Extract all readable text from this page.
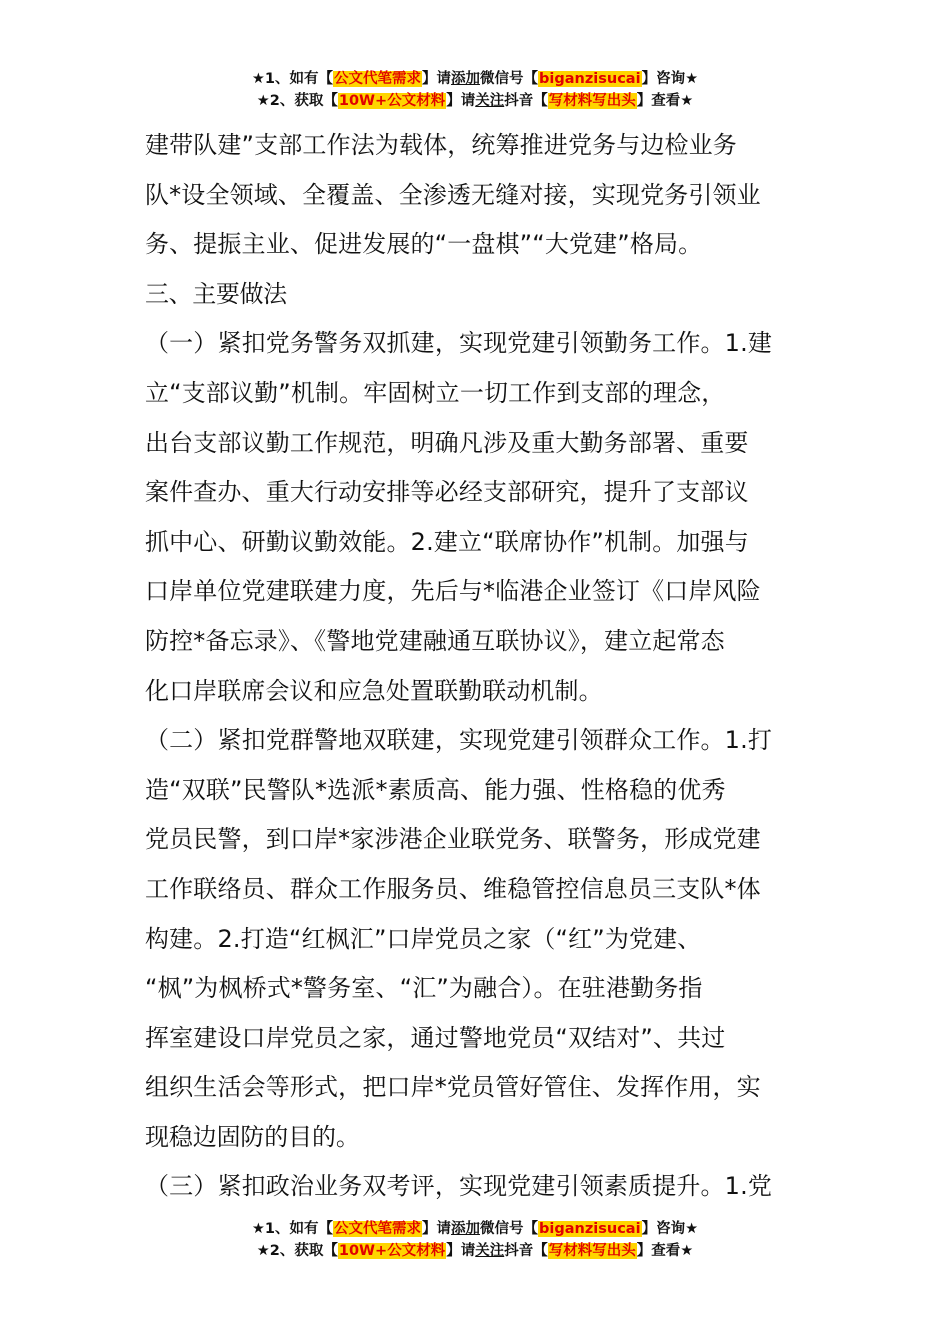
★1、如有【公文代笔需求】请添加微信号【biganzisucai】咨询★
★2、获取【10W+公文材料】请关注抖音【写材料写出头】查看★
建带队建”支部工作法为载体，统筹推进党务与边检业务
队*设全领域、全覆盖、全渗透无缝对接，实现党务引领业
务、提振主业、促进发展的“一盘棋”“大党建”格局。
三、主要做法
（一）紧扣党务警务双抓建，实现党建引领勤务工作。1.建
立“支部议勤”机制。牢固树立一切工作到支部的理念，
出台支部议勤工作规范，明确凡涉及重大勤务部署、重要
案件查办、重大行动安排等必经支部研究，提升了支部议
抓中心、研勤议勤效能。2.建立“联席协作”机制。加强与
口岸单位党建联建力度，先后与*临港企业签订《口岸风险
防控*备忘录》、《警地党建融通互联协议》，建立起常态
化口岸联席会议和应急处置联勤联动机制。
（二）紧扣党群警地双联建，实现党建引领群众工作。1.打
造“双联”民警队*选派*素质高、能力强、性格稳的优秀
党员民警，到口岸*家涉港企业联党务、联警务，形成党建
工作联络员、群众工作服务员、维稳管控信息员三支队*体
构建。2.打造“红枫汇”口岸党员之家（“红”为党建、
“枫”为枫桥式*警务室、“汇”为融合）。在驻港勤务指
挥室建设口岸党员之家，通过警地党员“双结对”、共过
组织生活会等形式，把口岸*党员管好管住、发挥作用，实
现稳边固防的目的。
（三）紧扣政治业务双考评，实现党建引领素质提升。1.党
★1、如有【公文代笔需求】请添加微信号【biganzisucai】咨询★
★2、获取【10W+公文材料】请关注抖音【写材料写出头】查看★
